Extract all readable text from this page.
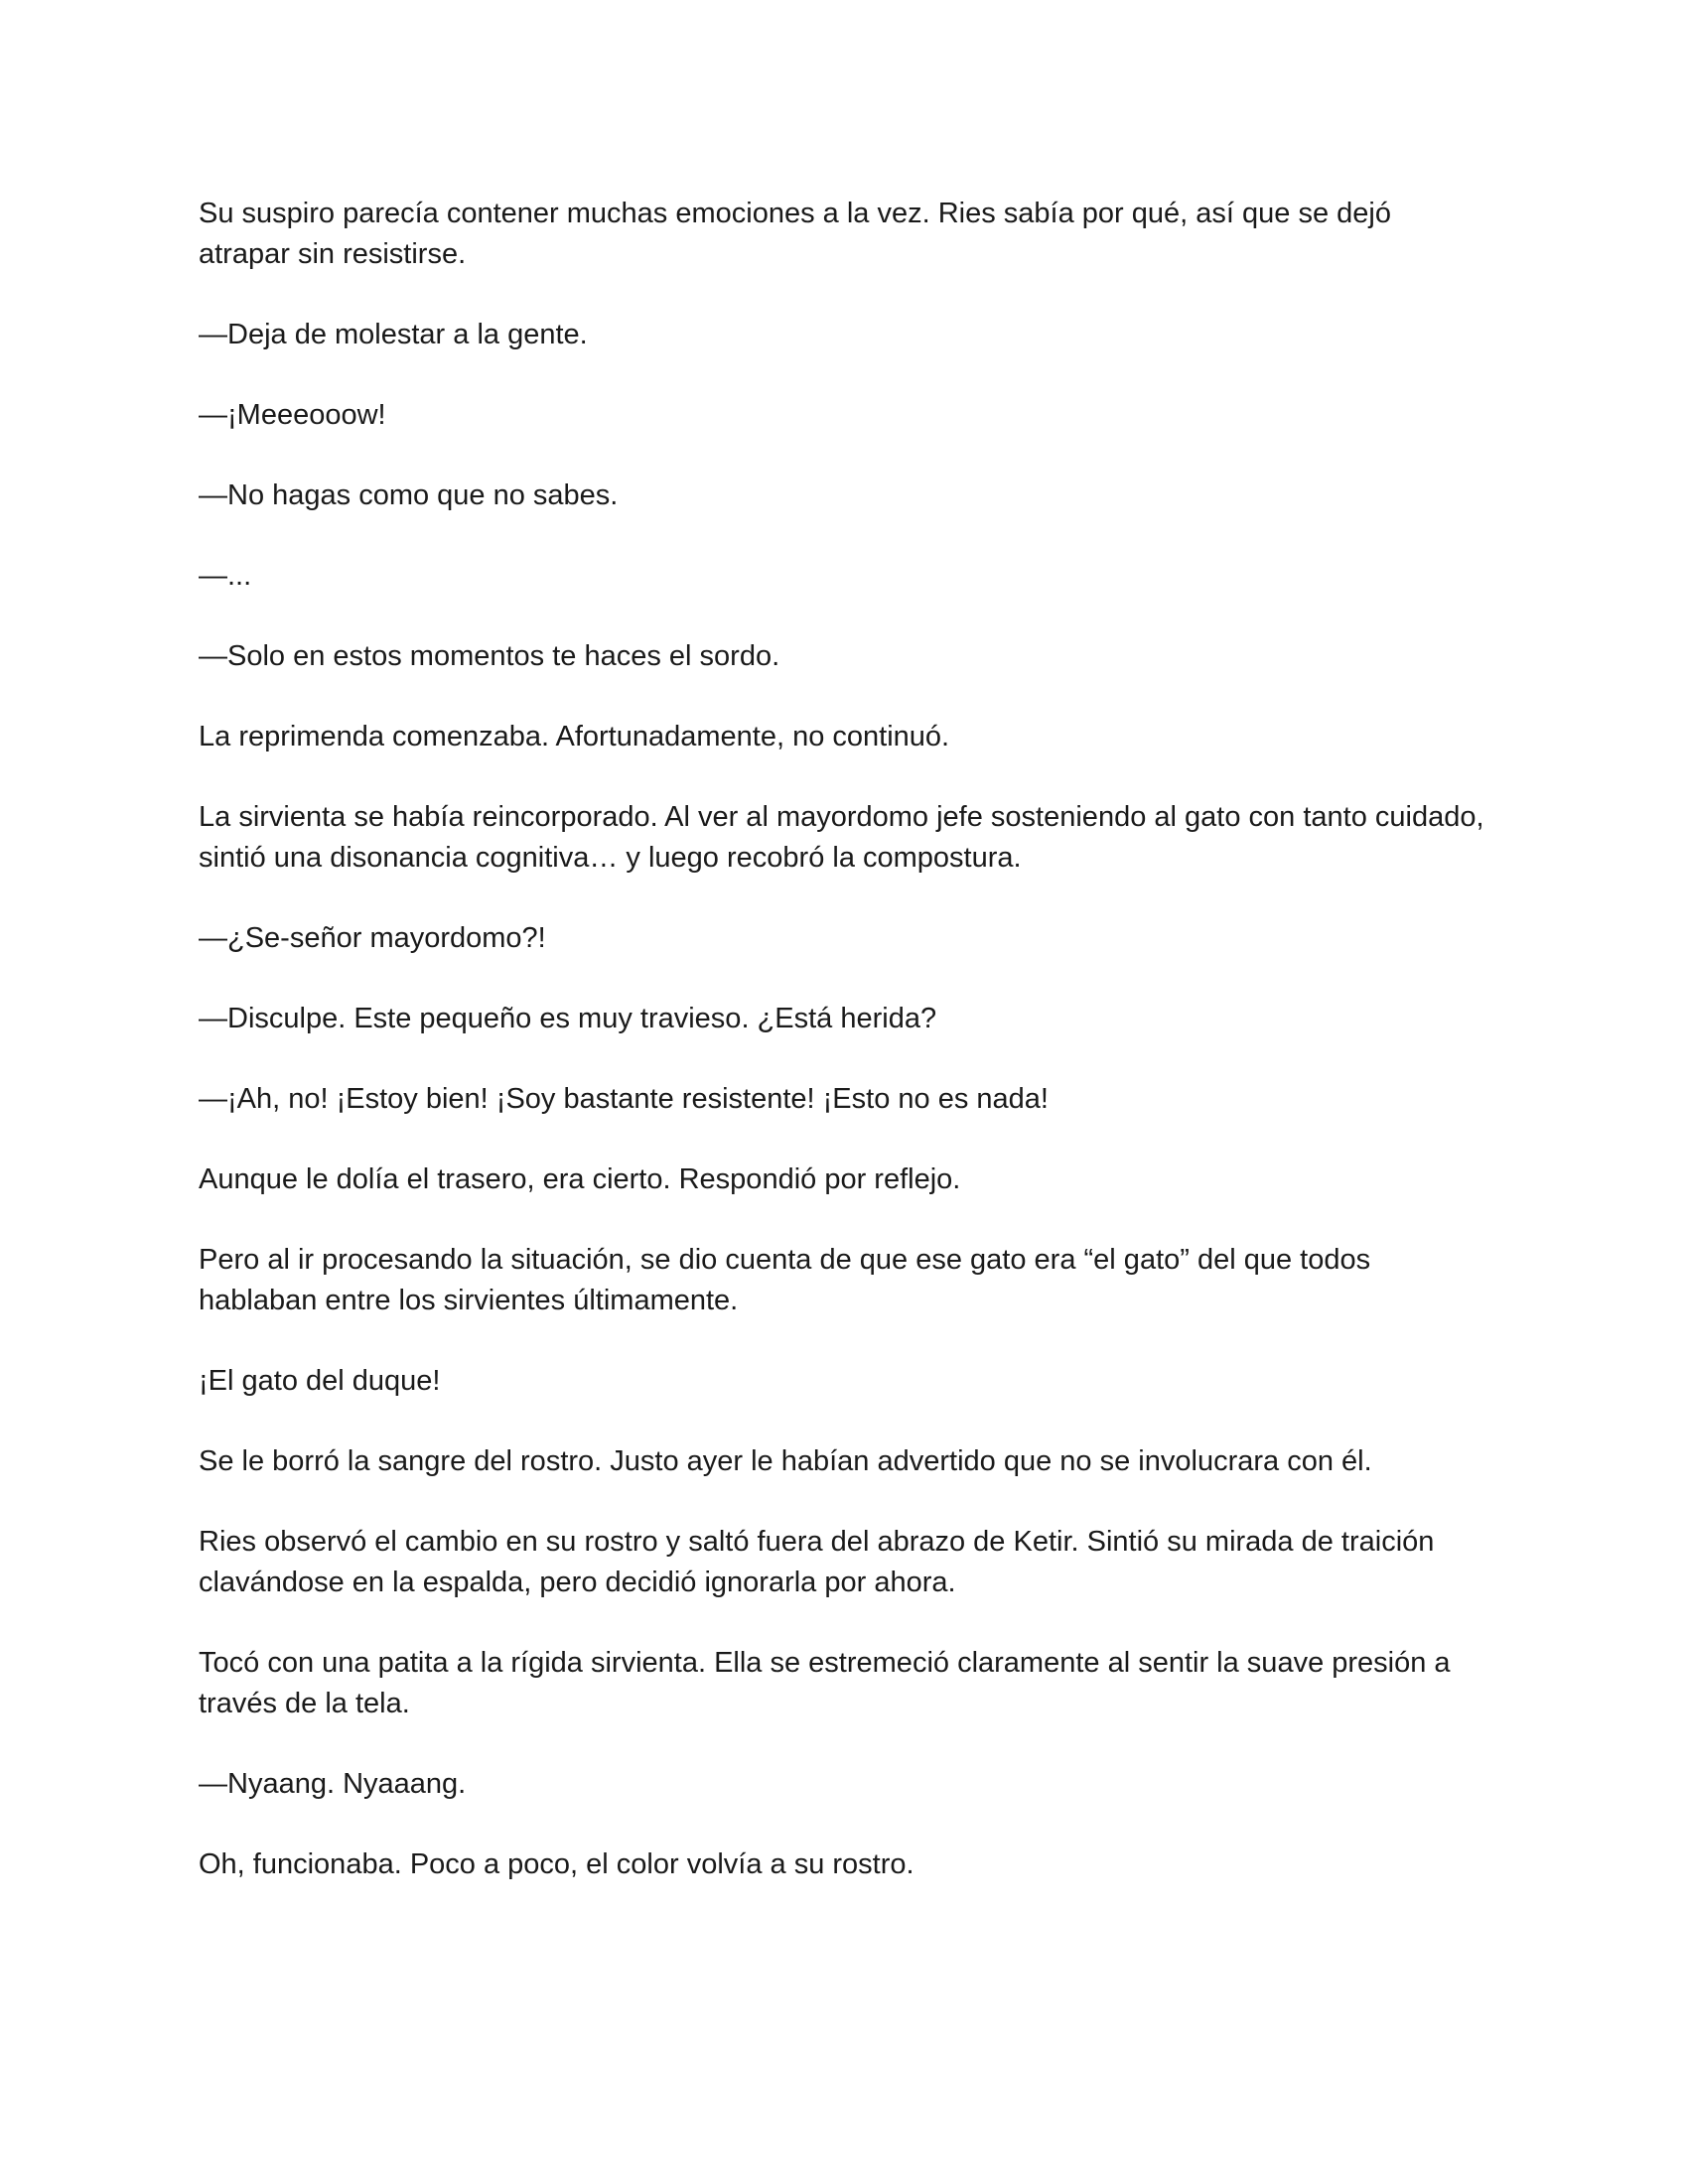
Su suspiro parecía contener muchas emociones a la vez. Ries sabía por qué, así que se dejó atrapar sin resistirse.

—Deja de molestar a la gente.

—¡Meeeooow!

—No hagas como que no sabes.

—...

—Solo en estos momentos te haces el sordo.

La reprimenda comenzaba. Afortunadamente, no continuó.

La sirvienta se había reincorporado. Al ver al mayordomo jefe sosteniendo al gato con tanto cuidado, sintió una disonancia cognitiva… y luego recobró la compostura.

—¿Se-señor mayordomo?!

—Disculpe. Este pequeño es muy travieso. ¿Está herida?

—¡Ah, no! ¡Estoy bien! ¡Soy bastante resistente! ¡Esto no es nada!

Aunque le dolía el trasero, era cierto. Respondió por reflejo.

Pero al ir procesando la situación, se dio cuenta de que ese gato era “el gato” del que todos hablaban entre los sirvientes últimamente.

¡El gato del duque!

Se le borró la sangre del rostro. Justo ayer le habían advertido que no se involucrara con él.

Ries observó el cambio en su rostro y saltó fuera del abrazo de Ketir. Sintió su mirada de traición clavándose en la espalda, pero decidió ignorarla por ahora.

Tocó con una patita a la rígida sirvienta. Ella se estremeció claramente al sentir la suave presión a través de la tela.

—Nyaang. Nyaaang.

Oh, funcionaba. Poco a poco, el color volvía a su rostro.
